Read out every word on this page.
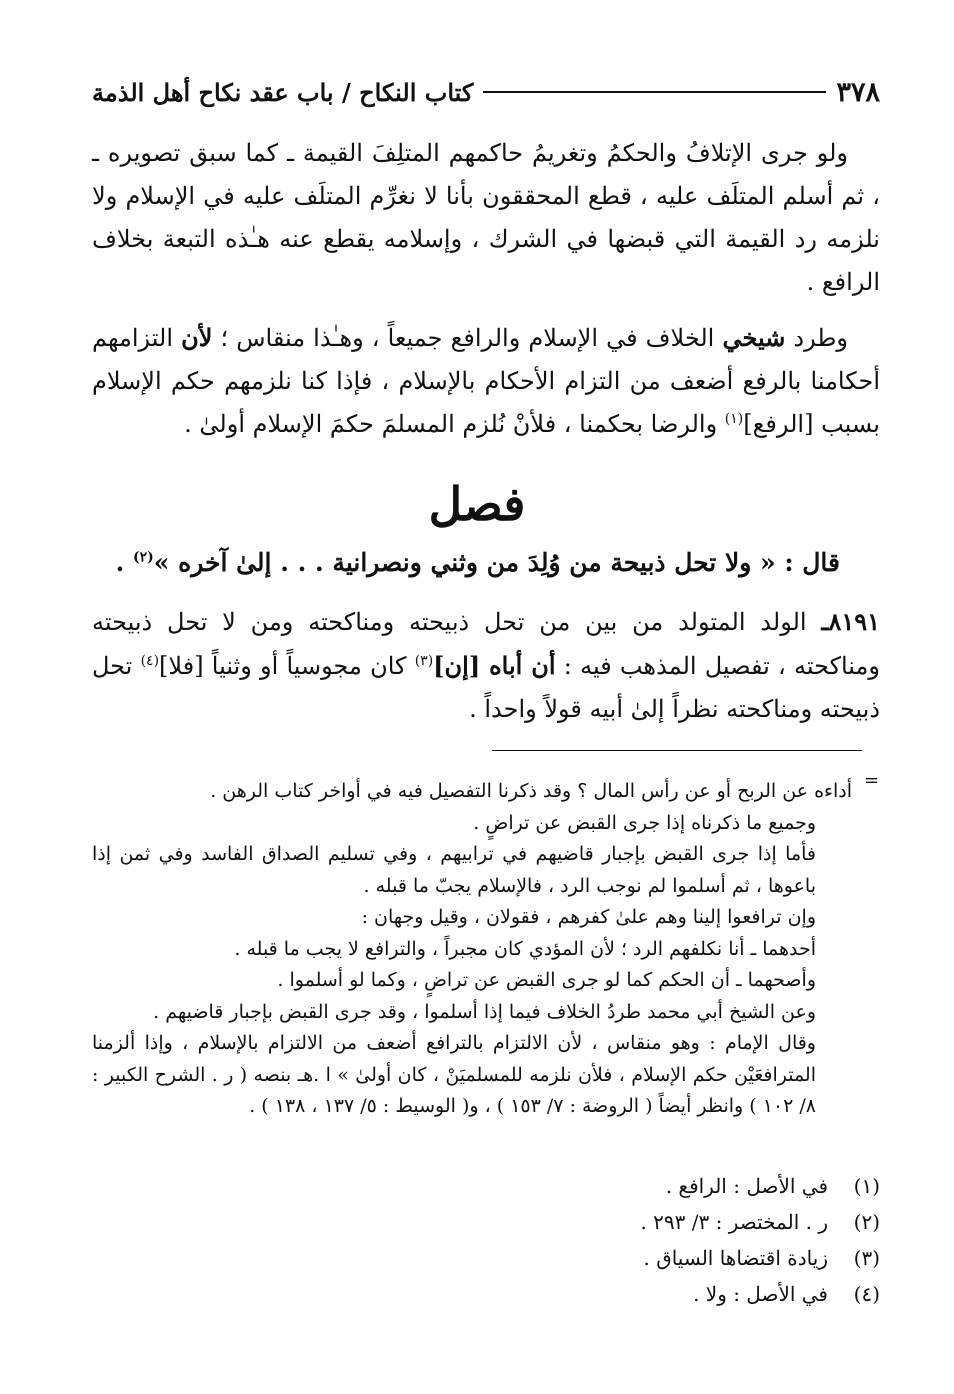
٣٧٨
كتاب النكاح / باب عقد نكاح أهل الذمة

ولو جرى الإتلافُ والحكمُ وتغريمُ حاكمهم المتلِفَ القيمة ـ كما سبق تصويره ـ ، ثم أسلم المتلَف عليه ، قطع المحققون بأنا لا نغرِّم المتلَف عليه في الإسلام ولا نلزمه رد القيمة التي قبضها في الشرك ، وإسلامه يقطع عنه هـٰذه التبعة بخلاف الرافع .

وطرد شيخي الخلاف في الإسلام والرافع جميعاً ، وهـٰذا منقاس ؛ لأن التزامهم أحكامنا بالرفع أضعف من التزام الأحكام بالإسلام ، فإذا كنا نلزمهم حكم الإسلام بسبب [الرفع]$^{(١)}$ والرضا بحكمنا ، فلأنْ نُلزم المسلمَ حكمَ الإسلام أولىٰ .

فصل
قال : « ولا تحل ذبيحة من وُلِدَ من وثني ونصرانية . . . إلىٰ آخره »$^{(٢)}$ .

٨١٩١ـ الولد المتولد من بين من تحل ذبيحته ومناكحته ومن لا تحل ذبيحته ومناكحته ، تفصيل المذهب فيه : أن أباه [إن]$^{(٣)}$ كان مجوسياً أو وثنياً [فلا]$^{(٤)}$ تحل ذبيحته ومناكحته نظراً إلىٰ أبيه قولاً واحداً .

=

أداءه عن الربح أو عن رأس المال ؟ وقد ذكرنا التفصيل فيه في أواخر كتاب الرهن .

وجميع ما ذكرناه إذا جرى القبض عن تراضٍ .

فأما إذا جرى القبض بإجبار قاضيهم في ترابيهم ، وفي تسليم الصداق الفاسد وفي ثمن إذا باعوها ، ثم أسلموا لم نوجب الرد ، فالإسلام يجبّ ما قبله .

وإن ترافعوا إلينا وهم علىٰ كفرهم ، فقولان ، وقيل وجهان :

أحدهما ـ أنا نكلفهم الرد ؛ لأن المؤدي كان مجبراً ، والترافع لا يجب ما قبله .

وأصحهما ـ أن الحكم كما لو جرى القبض عن تراضٍ ، وكما لو أسلموا .

وعن الشيخ أبي محمد طردُ الخلاف فيما إذا أسلموا ، وقد جرى القبض بإجبار قاضيهم .

وقال الإمام : وهو منقاس ، لأن الالتزام بالترافع أضعف من الالتزام بالإسلام ، وإذا ألزمنا المترافعَيْن حكم الإسلام ، فلأن نلزمه للمسلميَنْ ، كان أولىٰ » ا .هـ بنصه ( ر . الشرح الكبير : ٨/ ١٠٢ ) وانظر أيضاً ( الروضة : ٧/ ١٥٣ ) ، و( الوسيط : ٥/ ١٣٧ ، ١٣٨ ) .

(١)
في الأصل : الرافع .
(٢)
ر . المختصر : ٣/ ٢٩٣ .
(٣)
زيادة اقتضاها السياق .
(٤)
في الأصل : ولا .
